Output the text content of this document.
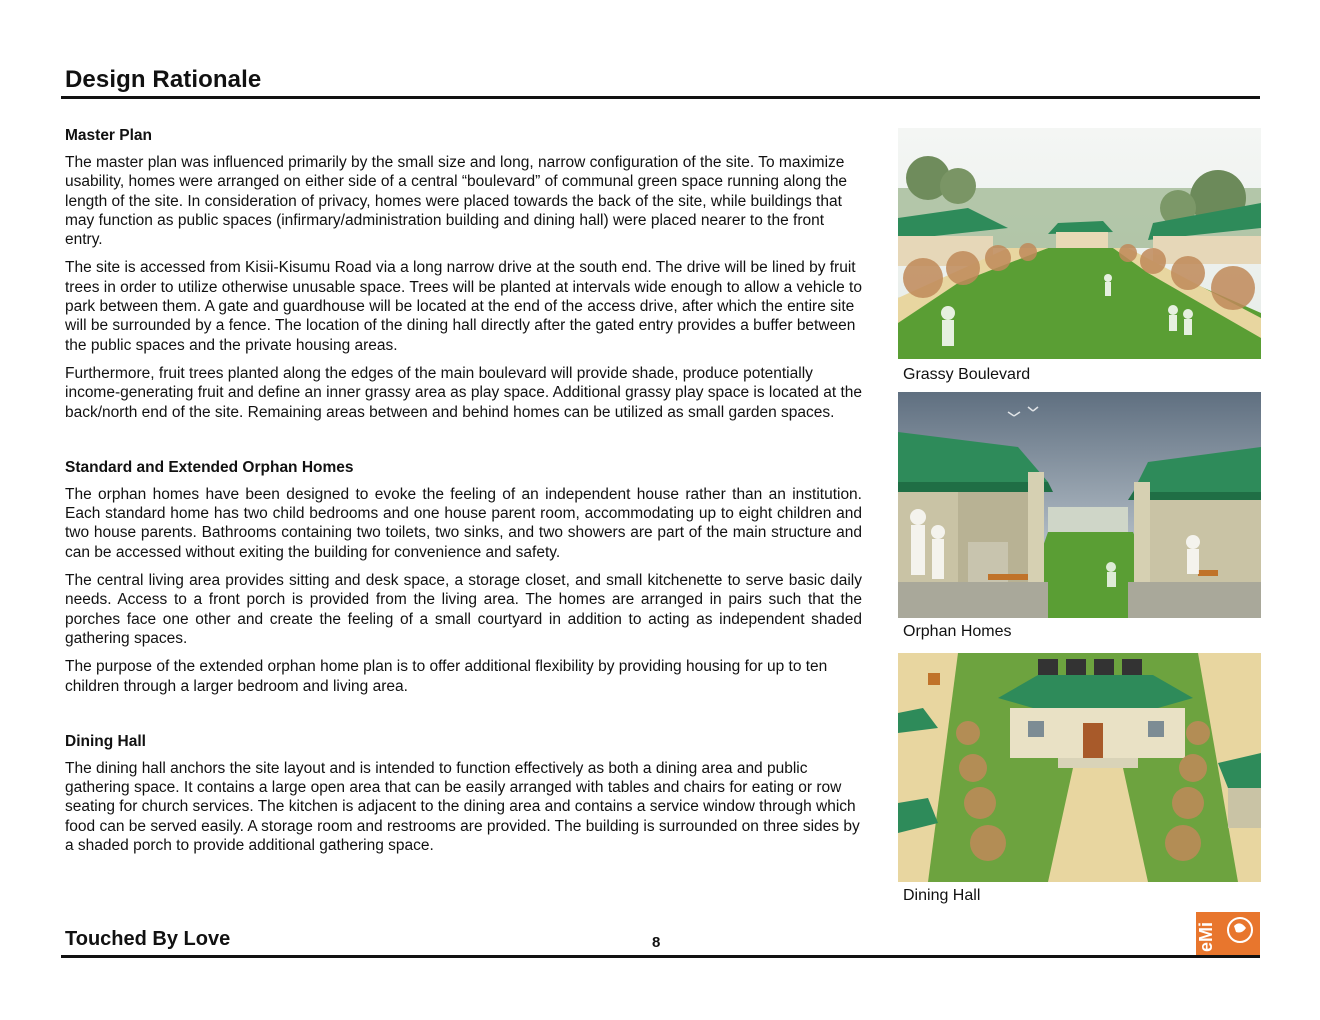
Design Rationale
Master Plan

The master plan was influenced primarily by the small size and long, narrow configuration of the site. To maximize usability, homes were arranged on either side of a central “boulevard” of communal green space running along the length of the site. In consideration of privacy, homes were placed towards the back of the site, while buildings that may function as public spaces (infirmary/administration building and dining hall) were placed nearer to the front entry.

The site is accessed from Kisii-Kisumu Road via a long narrow drive at the south end. The drive will be lined by fruit trees in order to utilize otherwise unusable space. Trees will be planted at intervals wide enough to allow a vehicle to park between them. A gate and guardhouse will be located at the end of the access drive, after which the entire site will be surrounded by a fence. The location of the dining hall directly after the gated entry provides a buffer between the public spaces and the private housing areas.

Furthermore, fruit trees planted along the edges of the main boulevard will provide shade, produce potentially income-generating fruit and define an inner grassy area as play space. Additional grassy play space is located at the back/north end of the site. Remaining areas between and behind homes can be utilized as small garden spaces.

Standard and Extended Orphan Homes

The orphan homes have been designed to evoke the feeling of an independent house rather than an institution. Each standard home has two child bedrooms and one house parent room, accommodating up to eight children and two house parents. Bathrooms containing two toilets, two sinks, and two showers are part of the main structure and can be accessed without exiting the building for convenience and safety.

The central living area provides sitting and desk space, a storage closet, and small kitchenette to serve basic daily needs. Access to a front porch is provided from the living area. The homes are arranged in pairs such that the porches face one other and create the feeling of a small courtyard in addition to acting as independent shaded gathering spaces.

The purpose of the extended orphan home plan is to offer additional flexibility by providing housing for up to ten children through a larger bedroom and living area.

Dining Hall

The dining hall anchors the site layout and is intended to function effectively as both a dining area and public gathering space. It contains a large open area that can be easily arranged with tables and chairs for eating or row seating for church services. The kitchen is adjacent to the dining area and contains a service window through which food can be served easily. A storage room and restrooms are provided. The building is surrounded on three sides by a shaded porch to provide additional gathering space.

Grassy Boulevard
Orphan Homes
Dining Hall
Touched By Love	8	eMi
